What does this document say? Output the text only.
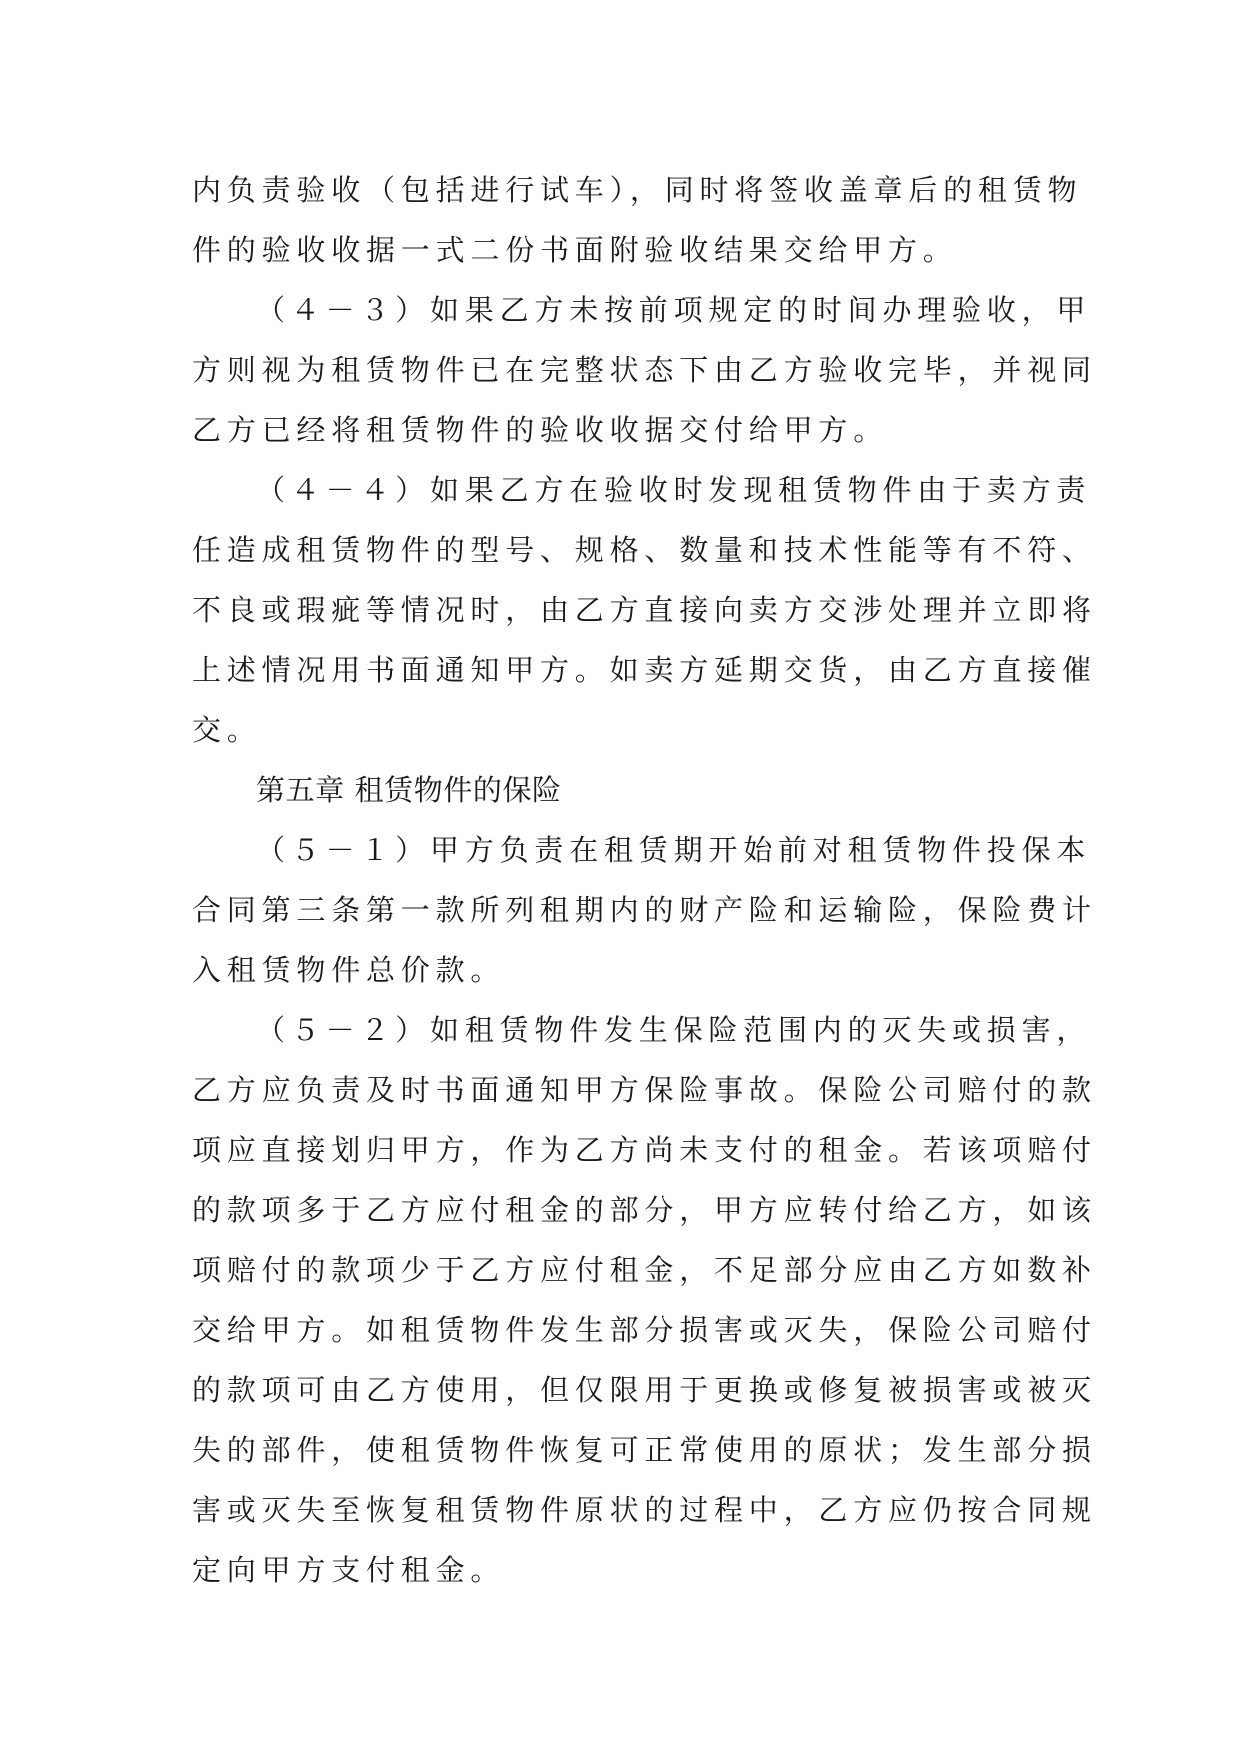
内负责验收（包括进行试车），同时将签收盖章后的租赁物
件的验收收据一式二份书面附验收结果交给甲方。
（４－３）如果乙方未按前项规定的时间办理验收，甲
方则视为租赁物件已在完整状态下由乙方验收完毕，并视同
乙方已经将租赁物件的验收收据交付给甲方。
（４－４）如果乙方在验收时发现租赁物件由于卖方责
任造成租赁物件的型号、规格、数量和技术性能等有不符、
不良或瑕疵等情况时，由乙方直接向卖方交涉处理并立即将
上述情况用书面通知甲方。如卖方延期交货，由乙方直接催
交。
第五章 租赁物件的保险
（５－１）甲方负责在租赁期开始前对租赁物件投保本
合同第三条第一款所列租期内的财产险和运输险，保险费计
入租赁物件总价款。
（５－２）如租赁物件发生保险范围内的灭失或损害，
乙方应负责及时书面通知甲方保险事故。保险公司赔付的款
项应直接划归甲方，作为乙方尚未支付的租金。若该项赔付
的款项多于乙方应付租金的部分，甲方应转付给乙方，如该
项赔付的款项少于乙方应付租金，不足部分应由乙方如数补
交给甲方。如租赁物件发生部分损害或灭失，保险公司赔付
的款项可由乙方使用，但仅限用于更换或修复被损害或被灭
失的部件，使租赁物件恢复可正常使用的原状；发生部分损
害或灭失至恢复租赁物件原状的过程中，乙方应仍按合同规
定向甲方支付租金。
